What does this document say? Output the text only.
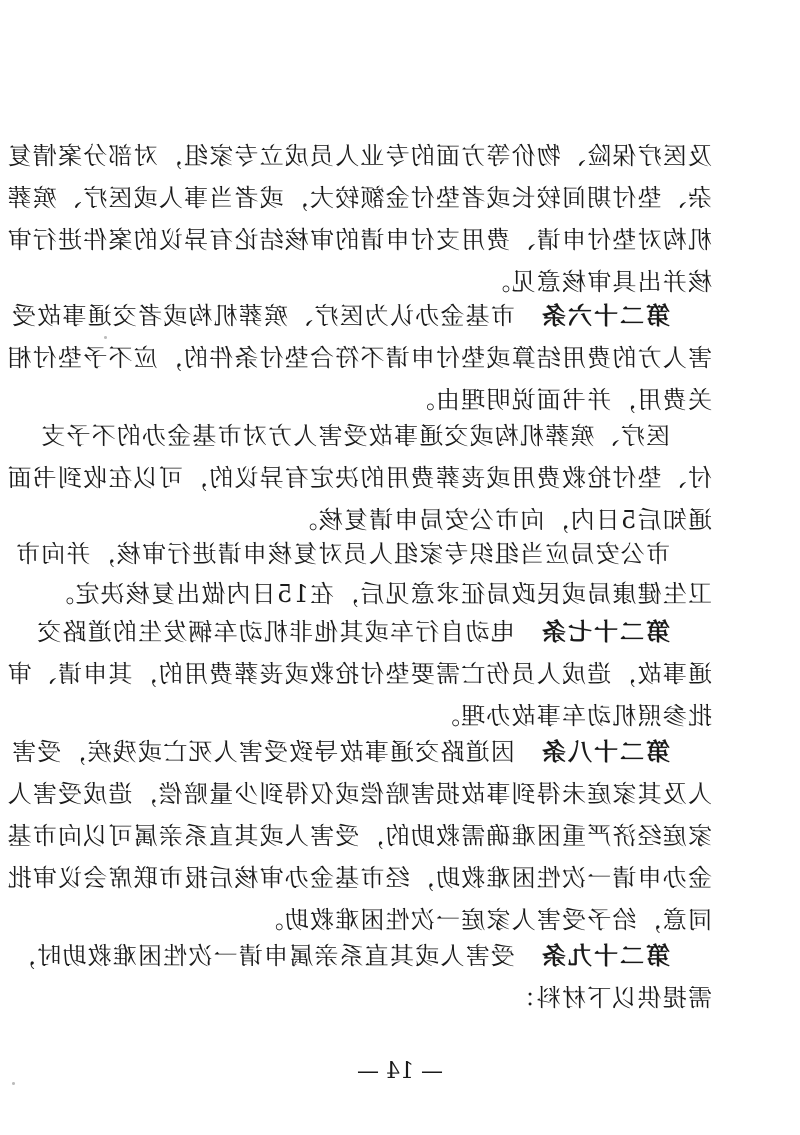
及医疗保险、物价等方面的专业人员成立专家组，对部分案情复
杂、垫付期间较长或者垫付金额较大，或者当事人或医疗、殡葬
机构对垫付申请、费用支付申请的审核结论有异议的案件进行审
核并出具审核意见。
第二十六条　市基金办认为医疗、殡葬机构或者交通事故受
害人方的费用结算或垫付申请不符合垫付条件的，应不予垫付相
关费用，并书面说明理由。
医疗、殡葬机构或交通事故受害人方对市基金办的不予支
付、垫付抢救费用或丧葬费用的决定有异议的，可以在收到书面
通知后5日内，向市公安局申请复核。
市公安局应当组织专家组人员对复核申请进行审核，并向市
卫生健康局或民政局征求意见后，在15日内做出复核决定。
第二十七条　电动自行车或其他非机动车辆发生的道路交
通事故，造成人员伤亡需要垫付抢救或丧葬费用的，其申请、审
批参照机动车事故办理。
第二十八条　因道路交通事故导致受害人死亡或残疾，受害
人及其家庭未得到事故损害赔偿或仅得到少量赔偿，造成受害人
家庭经济严重困难确需救助的，受害人或其直系亲属可以向市基
金办申请一次性困难救助，经市基金办审核后报市联席会议审批
同意，给予受害人家庭一次性困难救助。
第二十九条　受害人或其直系亲属申请一次性困难救助时，
需提供以下材料：
— 14 —
